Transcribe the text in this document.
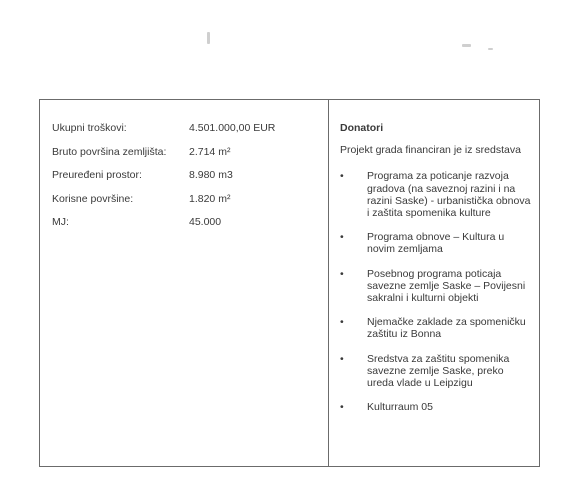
Ukupni troškovi:	4.501.000,00 EUR
Bruto površina zemljišta: 2.714 m²
Preuređeni prostor:	8.980 m3
Korisne površine:	1.820 m²
MJ:	45.000
Donatori
Projekt grada financiran je iz sredstava
• Programa za poticanje razvoja gradova (na saveznoj razini i na razini Saske) - urbanistička obnova i zaštita spomenika kulture
• Programa obnove – Kultura u novim zemljama
• Posebnog programa poticaja savezne zemlje Saske – Povijesni sakralni i kulturni objekti
• Njemačke zaklade za spomeničku zaštitu iz Bonna
• Sredstva za zaštitu spomenika savezne zemlje Saske, preko ureda vlade u Leipzigu
• Kulturraum 05
